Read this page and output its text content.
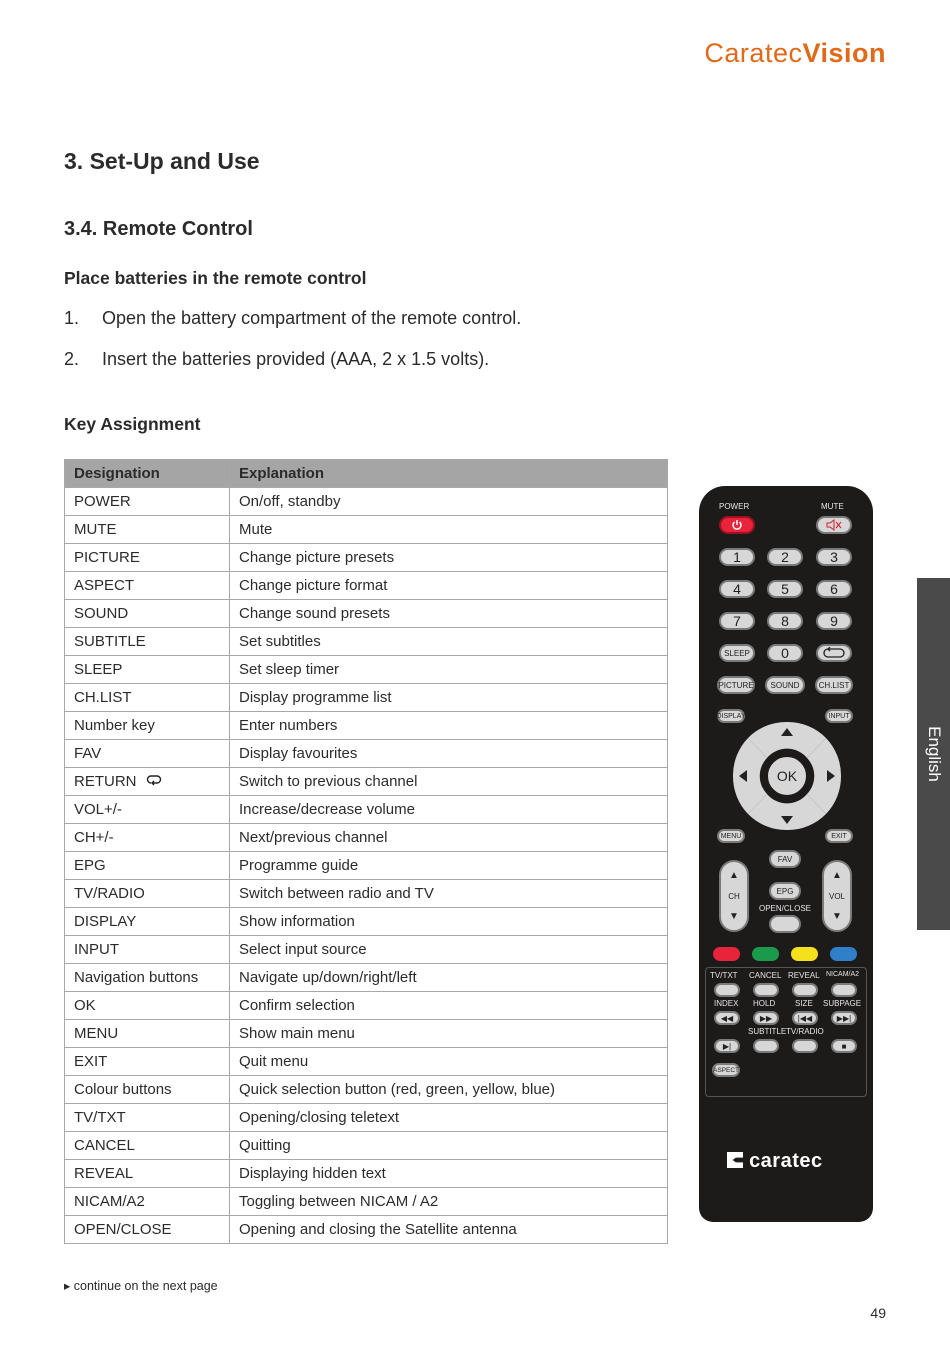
CaratecVision
3. Set-Up and Use
3.4. Remote Control
Place batteries in the remote control
1.	Open the battery compartment of the remote control.
2.	Insert the batteries provided (AAA, 2 x 1.5 volts).
Key Assignment
Designation	Explanation
POWER	On/off, standby
MUTE	Mute
PICTURE	Change picture presets
ASPECT	Change picture format
SOUND	Change sound presets
SUBTITLE	Set subtitles
SLEEP	Set sleep timer
CH.LIST	Display programme list
Number key	Enter numbers
FAV	Display favourites
RETURN	Switch to previous channel
VOL+/-	Increase/decrease volume
CH+/-	Next/previous channel
EPG	Programme guide
TV/RADIO	Switch between radio and TV
DISPLAY	Show information
INPUT	Select input source
Navigation buttons	Navigate up/down/right/left
OK	Confirm selection
MENU	Show main menu
EXIT	Quit menu
Colour buttons	Quick selection button (red, green, yellow, blue)
TV/TXT	Opening/closing teletext
CANCEL	Quitting
REVEAL	Displaying hidden text
NICAM/A2	Toggling between NICAM / A2
OPEN/CLOSE	Opening and closing the Satellite antenna
English
▸ continue on the next page
49
POWER	MUTE
1	2	3
4	5	6
7	8	9
SLEEP	0
PICTURE	SOUND	CH.LIST
DISPLAY	INPUT
OK
MENU	EXIT
FAV
▲
CH
▼
▲
VOL
▼
EPG
OPEN/CLOSE
TV/TXT CANCEL REVEAL NICAM/A2
INDEX HOLD SIZE SUBPAGE
◀◀	▶▶	|◀◀	▶▶|
SUBTITLE TV/RADIO
▶|	■
ASPECT
caratec
